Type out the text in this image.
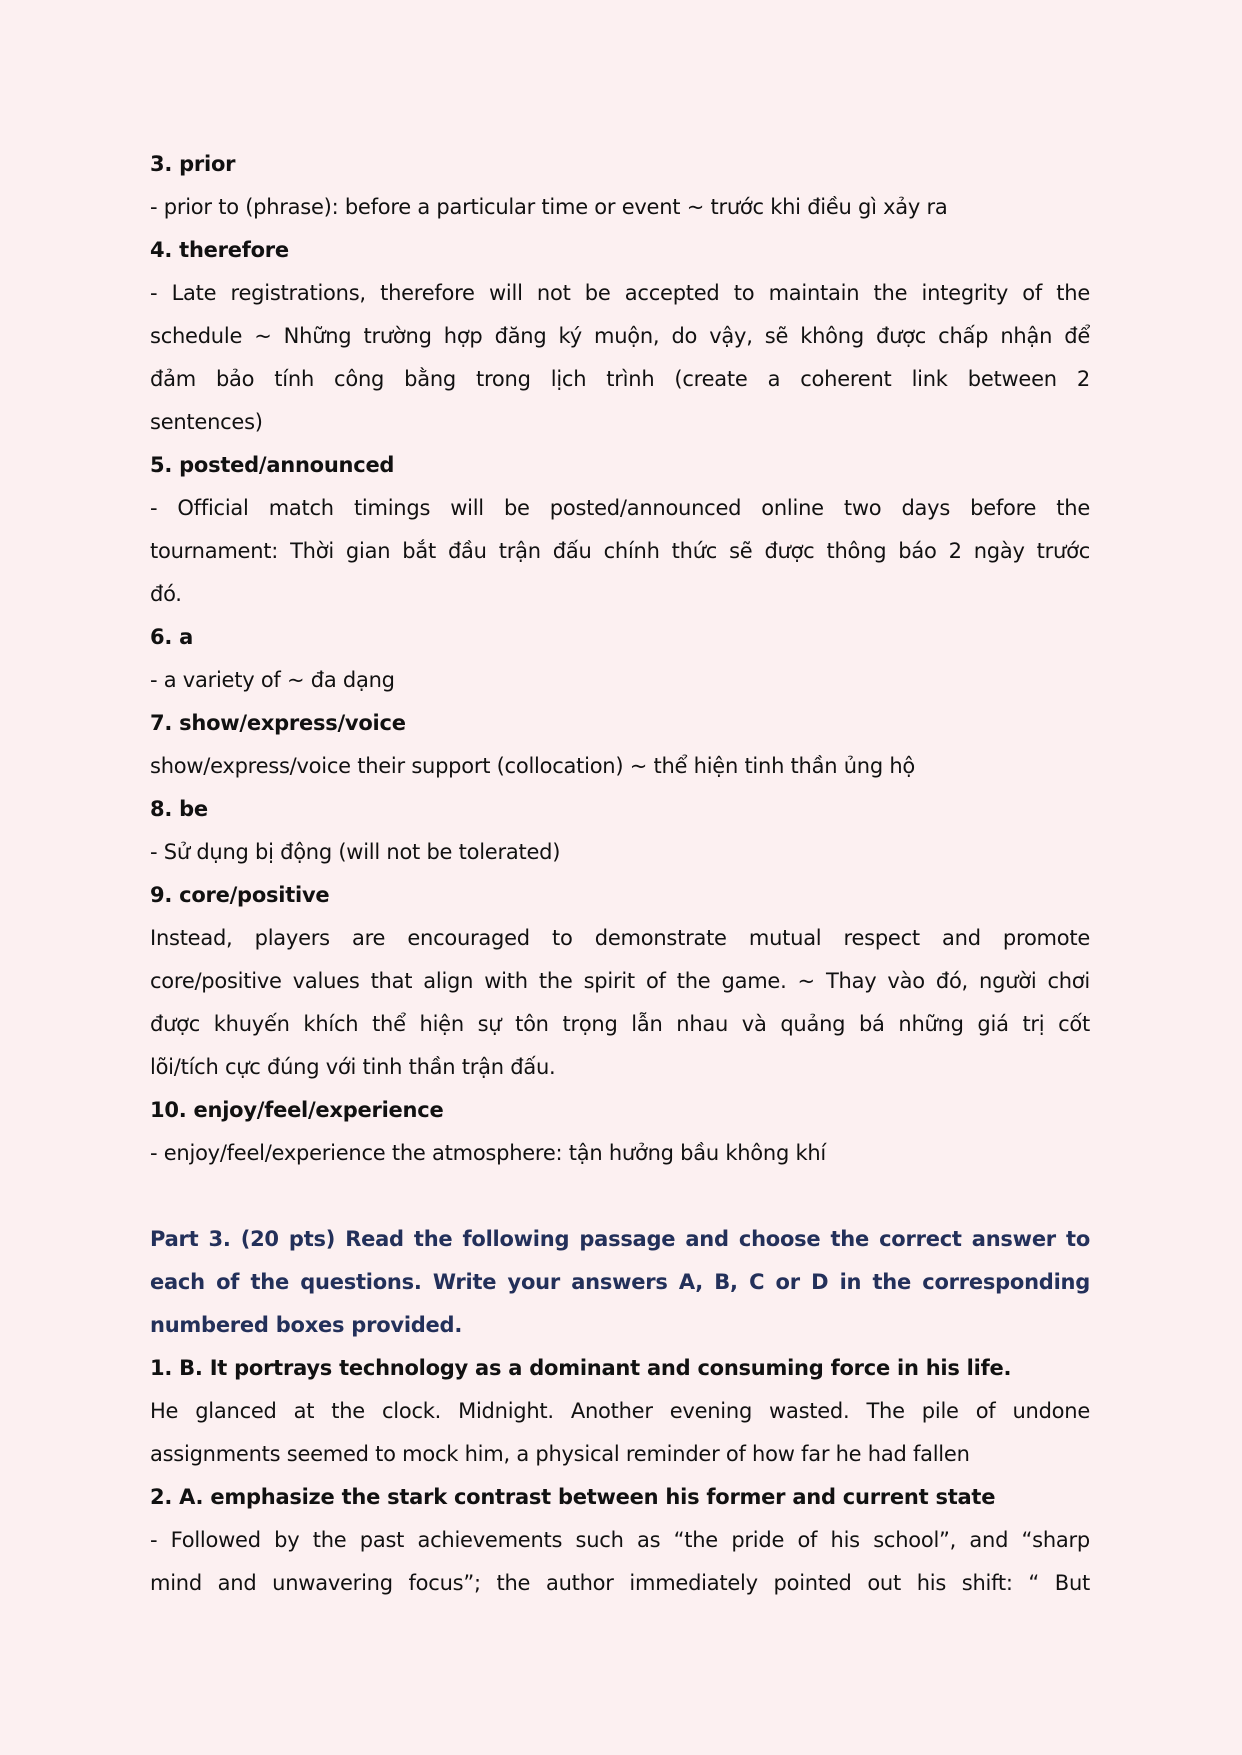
3. prior
- prior to (phrase): before a particular time or event ~ trước khi điều gì xảy ra
4. therefore
- Late registrations, therefore will not be accepted to maintain the integrity of the
schedule ~ Những trường hợp đăng ký muộn, do vậy, sẽ không được chấp nhận để
đảm bảo tính công bằng trong lịch trình (create a coherent link between 2
sentences)
5. posted/announced
- Official match timings will be posted/announced online two days before the
tournament: Thời gian bắt đầu trận đấu chính thức sẽ được thông báo 2 ngày trước
đó.
6. a
- a variety of ~ đa dạng
7. show/express/voice
show/express/voice their support (collocation) ~ thể hiện tinh thần ủng hộ
8. be
- Sử dụng bị động (will not be tolerated)
9. core/positive
Instead, players are encouraged to demonstrate mutual respect and promote
core/positive values that align with the spirit of the game. ~ Thay vào đó, người chơi
được khuyến khích thể hiện sự tôn trọng lẫn nhau và quảng bá những giá trị cốt
lõi/tích cực đúng với tinh thần trận đấu.
10. enjoy/feel/experience
- enjoy/feel/experience the atmosphere: tận hưởng bầu không khí
Part 3. (20 pts) Read the following passage and choose the correct answer to
each of the questions. Write your answers A, B, C or D in the corresponding
numbered boxes provided.
1. B. It portrays technology as a dominant and consuming force in his life.
He glanced at the clock. Midnight. Another evening wasted. The pile of undone
assignments seemed to mock him, a physical reminder of how far he had fallen
2. A. emphasize the stark contrast between his former and current state
- Followed by the past achievements such as “the pride of his school”, and “sharp
mind and unwavering focus”; the author immediately pointed out his shift: “ But
